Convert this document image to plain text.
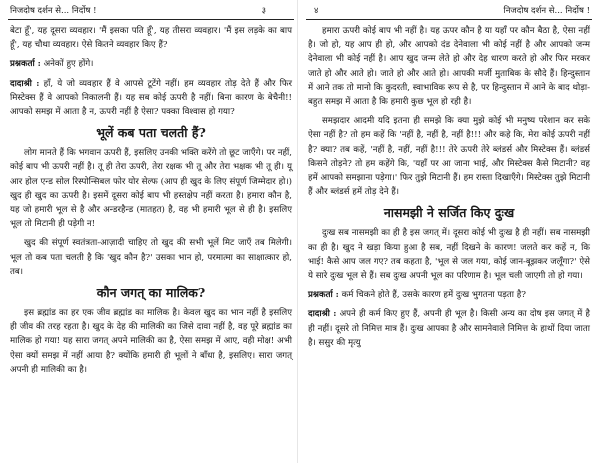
निजदोष दर्शन से... निर्दोष !	३

बेटा हूँ', यह दूसरा व्यवहार। 'मैं इसका पति हूँ', यह तीसरा व्यवहार। 'मैं इस लड़के का बाप हूँ', यह चौथा व्यवहार। ऐसे कितने व्यवहार किए हैं?

प्रश्नकर्ता : अनेकों हुए होंगे।

दादाश्री : हाँ, ये जो व्यवहार हैं वे आपसे टूटेंगे नहीं। हम व्यवहार तोड़ देते हैं और फिर मिस्टेक्स हैं वे आपको निकालनी हैं। यह सब कोई ऊपरी है नहीं। बिना कारण के बेचैनी!! आपको समझ में आता है न, ऊपरी नहीं है ऐसा? पक्का विश्वास हो गया?

भूलें कब पता चलती हैं?

लोग मानते हैं कि भगवान ऊपरी हैं, इसलिए उनकी भक्ति करेंगे तो छूट जाएँगे। पर नहीं, कोई बाप भी ऊपरी नहीं है। तू ही तेरा ऊपरी, तेरा रक्षक भी तू और तेरा भक्षक भी तू ही। यू आर होल एन्ड सोल रिस्पोन्सिबल फोर योर सेल्फ (आप ही खुद के लिए संपूर्ण जिम्मेदार हो।) खुद ही खुद का ऊपरी है। इसमें दूसरा कोई बाप भी हस्तक्षेप नहीं करता है। हमारा कौन है, यह जो हमारी भूल से है और अन्डरहैन्ड (मातहत) है, वह भी हमारी भूल से ही है। इसलिए भूल तो मिटानी ही पड़ेगी न!

खुद की संपूर्ण स्वतंत्रता-आज़ादी चाहिए तो खुद की सभी भूलें मिट जाएँ तब मिलेगी। भूल तो कब पता चलती है कि 'खुद कौन है?' उसका भान हो, परमात्मा का साक्षात्कार हो, तब।

कौन जगत् का मालिक?

इस ब्रह्मांड का हर एक जीव ब्रह्मांड का मालिक है। केवल खुद का भान नहीं है इसलिए ही जीव की तरह रहता है। खुद के देह की मालिकी का जिसे दावा नहीं है, वह पूरे ब्रह्मांड का मालिक हो गया! यह सारा जगत् अपने मालिकी का है, ऐसा समझ में आए, वही मोक्ष! अभी ऐसा क्यों समझ में नहीं आया है? क्योंकि हमारी ही भूलों ने बाँधा है, इसलिए। सारा जगत् अपनी ही मालिकी का है।

४	निजदोष दर्शन से... निर्दोष !

हमारा ऊपरी कोई बाप भी नहीं है। यह ऊपर कौन है या यहाँ पर कौन बैठा है, ऐसा नहीं है। जो हो, यह आप ही हो, और आपको दंड देनेवाला भी कोई नहीं है और आपको जन्म देनेवाला भी कोई नहीं है। आप खुद जन्म लेते हो और देह धारण करते हो और फिर मरकर जाते हो और आते हो। जाते हो और आते हो। आपकी मर्जी मुताबिक के सौदे हैं। हिन्दुस्तान में आने तक तो मानो कि कुदरती, स्वाभाविक रूप से है, पर हिन्दुस्तान में आने के बाद थोड़ा-बहुत समझ में आता है कि हमारी कुछ भूल हो रही है।

समझदार आदमी यदि इतना ही समझे कि क्या मुझे कोई भी मनुष्य परेशान कर सके ऐसा नहीं है? तो हम कहें कि 'नहीं है, नहीं है, नहीं है!!! और कहे कि, मेरा कोई ऊपरी नहीं है? क्या? तब कहें, 'नहीं है, नहीं, नहीं है!!! तेरे ऊपरी तेरे ब्लंडर्स और मिस्टेक्स हैं। ब्लंडर्स किसने तोड़ने? तो हम कहेंगे कि, 'यहाँ पर आ जाना भाई, और मिस्टेक्स कैसे मिटानी? वह हमें आपको समझाना पड़ेगा।' फिर तुझे मिटानी हैं। हम रास्ता दिखाएँगे। मिस्टेक्स तुझे मिटानी हैं और ब्लंडर्स हमें तोड़ देने हैं।

नासमझी ने सर्जित किए दुःख

दुःख सब नासमझी का ही है इस जगत् में। दूसरा कोई भी दुःख है ही नहीं। सब नासमझी का ही है। खुद ने खड़ा किया हुआ है सब, नहीं दिखने के कारण! जलते कर कहें न, कि भाई! कैसे आप जल गए? तब कहता है, 'भूल से जल गया, कोई जान-बूझकर जलूँगा?' ऐसे ये सारे दुःख भूल से हैं। सब दुःख अपनी भूल का परिणाम है। भूल चली जाएगी तो हो गया।

प्रश्नकर्ता : कर्म चिकने होते हैं, उसके कारण हमें दुःख भुगतना पड़ता है?

दादाश्री : अपने ही कर्म किए हुए हैं, अपनी ही भूल है। किसी अन्य का दोष इस जगत् में है ही नहीं। दूसरे तो निमित्त मात्र हैं। दुःख आपका है और सामनेवाले निमित्त के हाथों दिया जाता है। ससुर की मृत्यु
